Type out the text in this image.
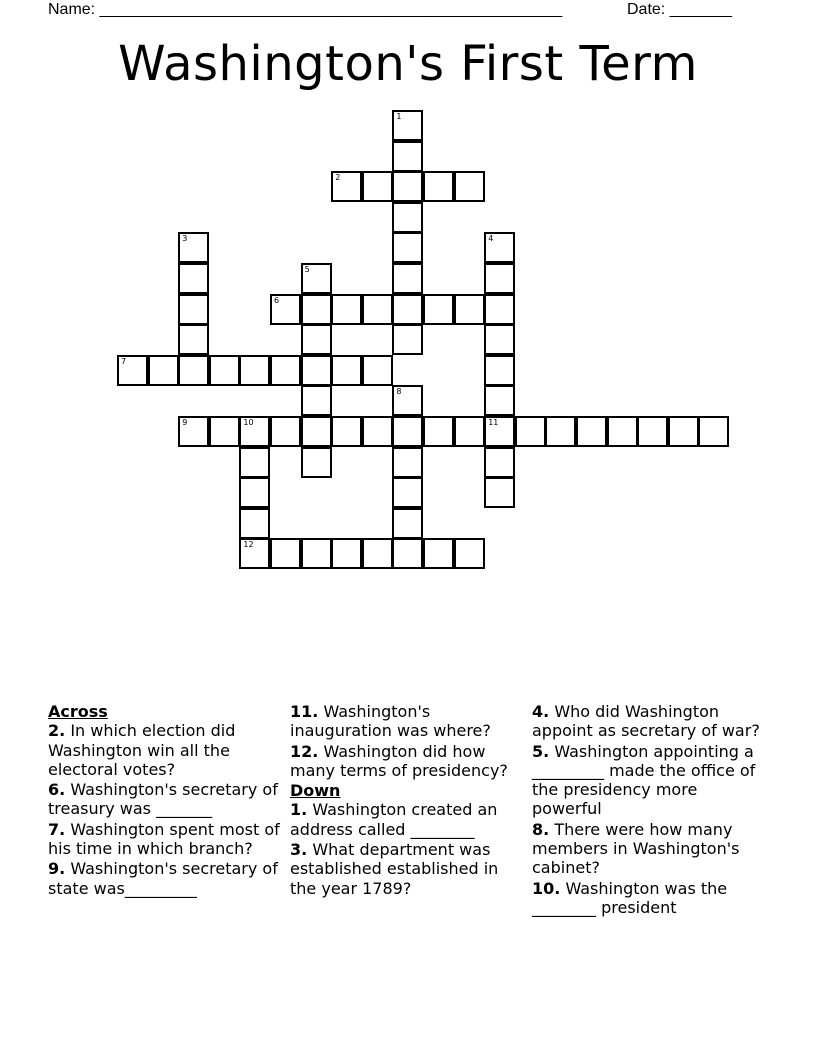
Name: ____________________________________________________	Date: _______
Washington's First Term
1
2
3	4
11
5
6
7
8
9	10
12
Across
2. In which election did Washington win all the electoral votes?
6. Washington's secretary of treasury was _______
7. Washington spent most of his time in which branch?
9. Washington's secretary of state was_________
11. Washington's inauguration was where?
12. Washington did how many terms of presidency?
Down
1. Washington created an address called ________
3. What department was established established in the year 1789?
4. Who did Washington appoint as secretary of war?
5. Washington appointing a _________ made the office of the presidency more powerful
8. There were how many members in Washington's cabinet?
10. Washington was the ________ president
